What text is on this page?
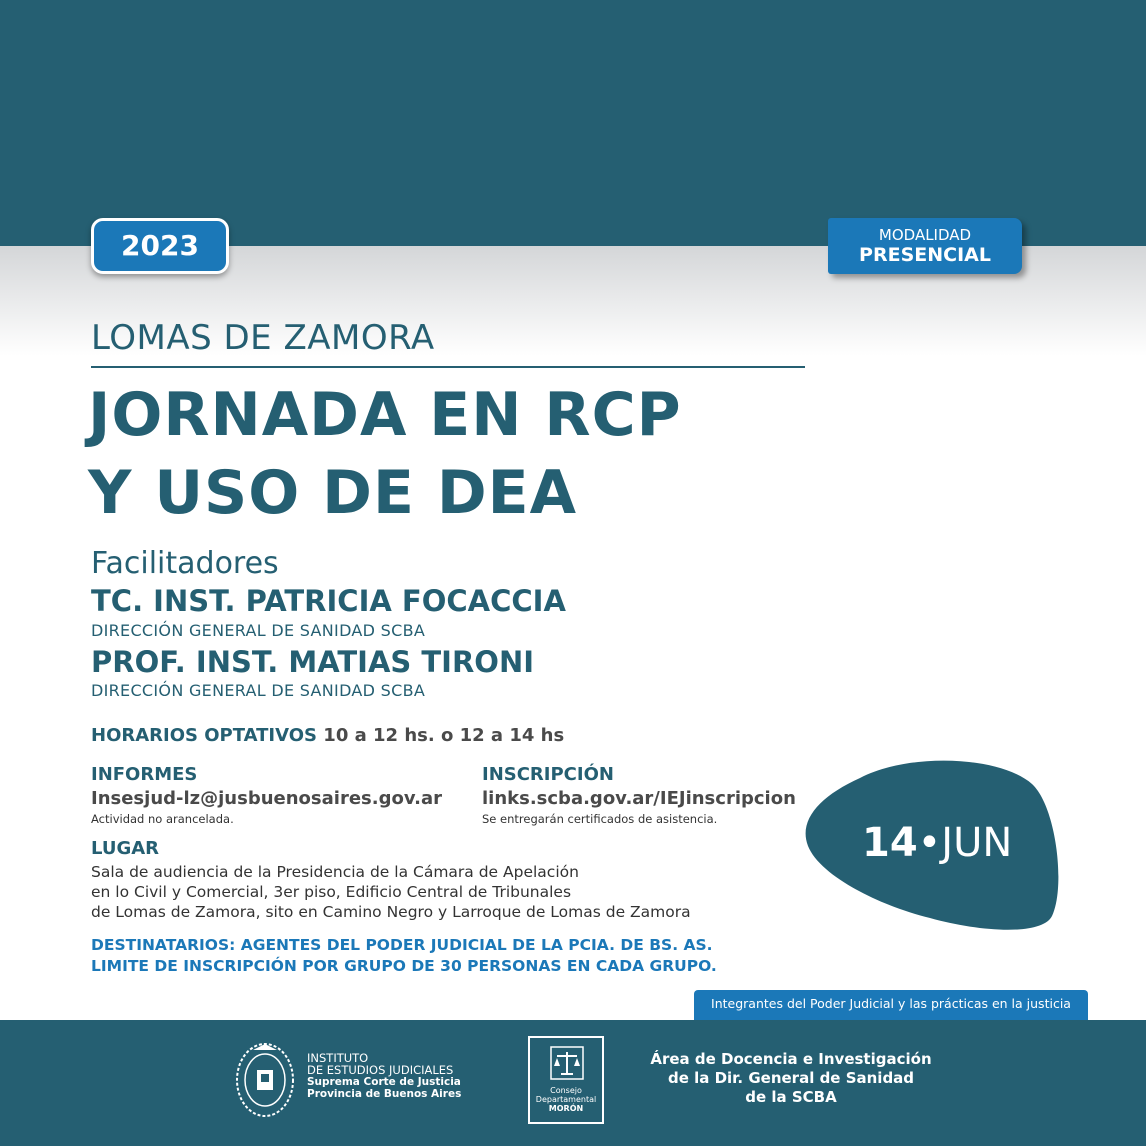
2023	MODALIDAD
PRESENCIAL
LOMAS DE ZAMORA
JORNADA EN RCP
Y USO DE DEA
Facilitadores
TC. INST. PATRICIA FOCACCIA
DIRECCIÓN GENERAL DE SANIDAD SCBA
PROF. INST. MATIAS TIRONI
DIRECCIÓN GENERAL DE SANIDAD SCBA
HORARIOS OPTATIVOS 10 a 12 hs. o 12 a 14 hs
INFORMES
Insesjud-lz@jusbuenosaires.gov.ar
Actividad no arancelada.
INSCRIPCIÓN
links.scba.gov.ar/IEJinscripcion
Se entregarán certificados de asistencia.
LUGAR
Sala de audiencia de la Presidencia de la Cámara de Apelación
en lo Civil y Comercial, 3er piso, Edificio Central de Tribunales
de Lomas de Zamora, sito en Camino Negro y Larroque de Lomas de Zamora
DESTINATARIOS: AGENTES DEL PODER JUDICIAL DE LA PCIA. DE BS. AS.
LIMITE DE INSCRIPCIÓN POR GRUPO DE 30 PERSONAS EN CADA GRUPO.
14•JUN
Integrantes del Poder Judicial y las prácticas en la justicia
INSTITUTO
DE ESTUDIOS JUDICIALES
Suprema Corte de Justicia
Provincia de Buenos Aires	Consejo
Departamental
MORÓN
Área de Docencia e Investigación
de la Dir. General de Sanidad
de la SCBA
